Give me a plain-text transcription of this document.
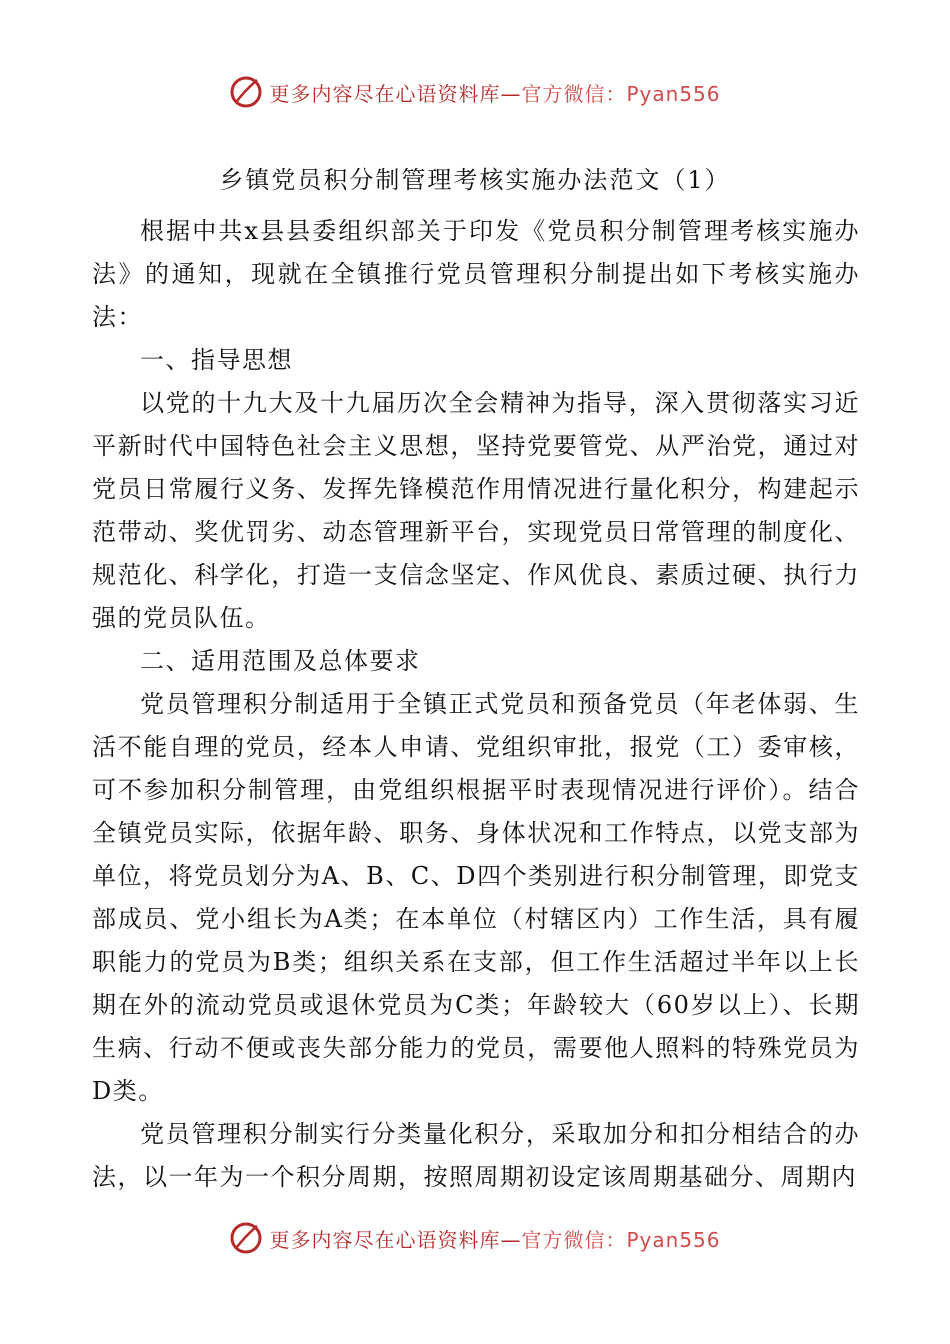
更多内容尽在心语资料库—官方微信：Pyan556
乡镇党员积分制管理考核实施办法范文（1）

根据中共x县县委组织部关于印发《党员积分制管理考核实施办法》的通知，现就在全镇推行党员管理积分制提出如下考核实施办法：

一、指导思想

以党的十九大及十九届历次全会精神为指导，深入贯彻落实习近平新时代中国特色社会主义思想，坚持党要管党、从严治党，通过对党员日常履行义务、发挥先锋模范作用情况进行量化积分，构建起示范带动、奖优罚劣、动态管理新平台，实现党员日常管理的制度化、规范化、科学化，打造一支信念坚定、作风优良、素质过硬、执行力强的党员队伍。

二、适用范围及总体要求

党员管理积分制适用于全镇正式党员和预备党员（年老体弱、生活不能自理的党员，经本人申请、党组织审批，报党（工）委审核，可不参加积分制管理，由党组织根据平时表现情况进行评价）。结合全镇党员实际，依据年龄、职务、身体状况和工作特点，以党支部为单位，将党员划分为A、B、C、D四个类别进行积分制管理，即党支部成员、党小组长为A类；在本单位（村辖区内）工作生活，具有履职能力的党员为B类；组织关系在支部，但工作生活超过半年以上长期在外的流动党员或退休党员为C类；年龄较大（60岁以上）、长期生病、行动不便或丧失部分能力的党员，需要他人照料的特殊党员为D类。

党员管理积分制实行分类量化积分，采取加分和扣分相结合的办法，以一年为一个积分周期，按照周期初设定该周期基础分、周期内

更多内容尽在心语资料库—官方微信：Pyan556
